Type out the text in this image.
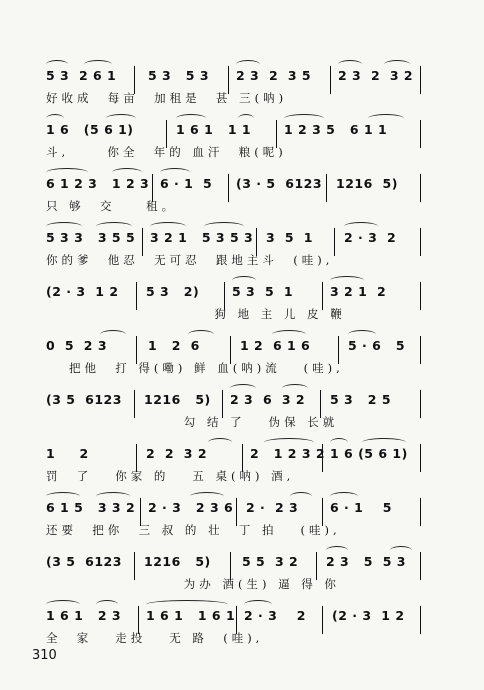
5 3  2 6 1	5 3   5 3 2 3  2  3 5 2 3  2  3 2
好收成  每亩  加租是  甚 三(呐)
1 6   (5 6 1)	1 6 1   1 1	1 2 3 5   6 1 1
斗,     你全  年的 血汗  粮(呢)
6 1 2 3   1 2 3 6 · 1  5 (3 · 5  6123 1216  5)
只 够  交    租。
5 3 3   3 5 5 3 2 1   5 3 5 3 3  5  1 2 · 3  2
你的爹  他忍  无可忍  跟地主斗  (哇),
(2 · 3  1 2 5 3   2)	5 3  5  1	3 2 1  2
狗 地 主 儿 皮 鞭
0  5  2 3	1   2  6	1 2  6 1 6	5 · 6   5
把他  打 得(嘞) 鲜 血(呐)流   (哇),
(3 5  6123 1216   5) 2 3  6  3 2 5 3   2 5
勾 结 了   伪保 长就
1     2	2  2  3 2	2   1 2 3 2 1 6 (5 6 1)
罚  了   你家 的   五 桌(呐) 酒,
6 1 5   3 3 2 2 · 3   2 3 6 2 ·  2 3	6 · 1    5
还要  把你  三 叔 的 壮  丁 拍   (哇),
(3 5  6123 1216   5) 5 5  3 2 2 3   5  5 3
为办 酒(生) 逼 得 你
1 6 1   2 3 1 6 1   1 6 1 2 · 3    2 (2 · 3  1 2
全  家   走投   无 路  (哇),
310
